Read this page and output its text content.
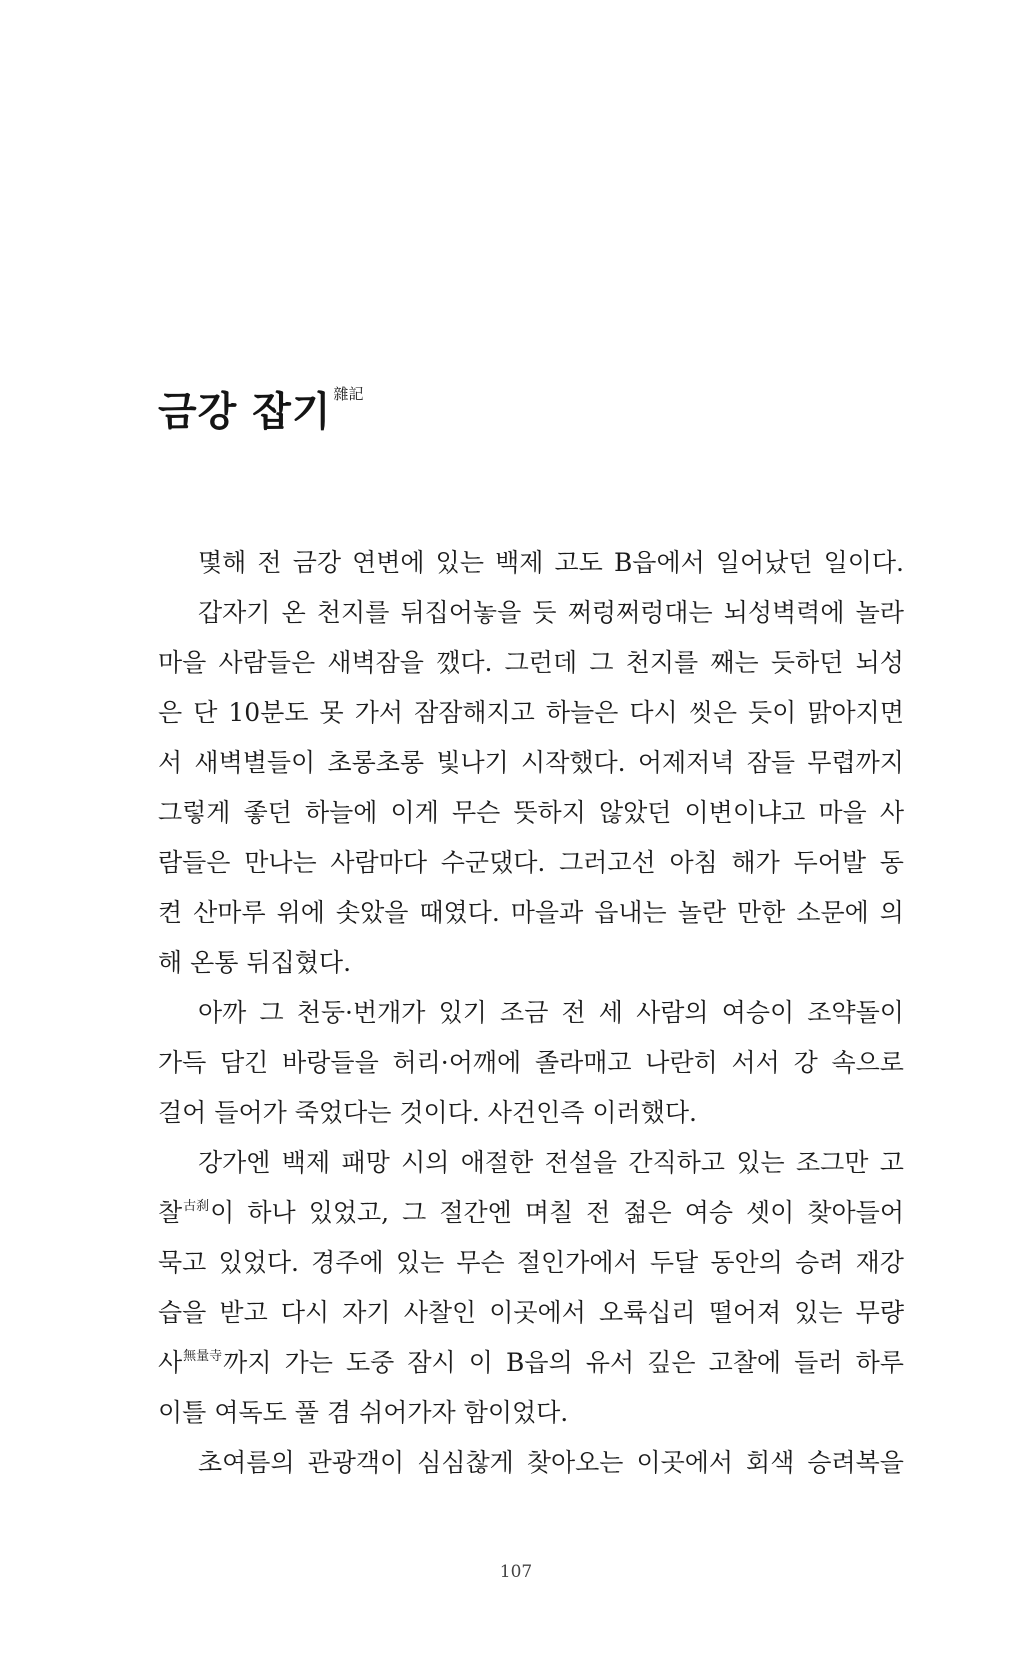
금강 잡기 $^{雜記}$
몇해 전 금강 연변에 있는 백제 고도 B읍에서 일어났던 일이다.
갑자기 온 천지를 뒤집어놓을 듯 쩌렁쩌렁대는 뇌성벽력에 놀라
마을 사람들은 새벽잠을 깼다. 그런데 그 천지를 째는 듯하던 뇌성
은 단 10분도 못 가서 잠잠해지고 하늘은 다시 씻은 듯이 맑아지면
서 새벽별들이 초롱초롱 빛나기 시작했다. 어제저녁 잠들 무렵까지
그렇게 좋던 하늘에 이게 무슨 뜻하지 않았던 이변이냐고 마을 사
람들은 만나는 사람마다 수군댔다. 그러고선 아침 해가 두어발 동
켠 산마루 위에 솟았을 때였다. 마을과 읍내는 놀란 만한 소문에 의
해 온통 뒤집혔다.
아까 그 천둥·번개가 있기 조금 전 세 사람의 여승이 조약돌이
가득 담긴 바랑들을 허리·어깨에 졸라매고 나란히 서서 강 속으로
걸어 들어가 죽었다는 것이다. 사건인즉 이러했다.
강가엔 백제 패망 시의 애절한 전설을 간직하고 있는 조그만 고
찰$^{古刹}$이 하나 있었고, 그 절간엔 며칠 전 젊은 여승 셋이 찾아들어
묵고 있었다. 경주에 있는 무슨 절인가에서 두달 동안의 승려 재강
습을 받고 다시 자기 사찰인 이곳에서 오륙십리 떨어져 있는 무량
사$^{無量寺}$까지 가는 도중 잠시 이 B읍의 유서 깊은 고찰에 들러 하루
이틀 여독도 풀 겸 쉬어가자 함이었다.
초여름의 관광객이 심심찮게 찾아오는 이곳에서 회색 승려복을
107
